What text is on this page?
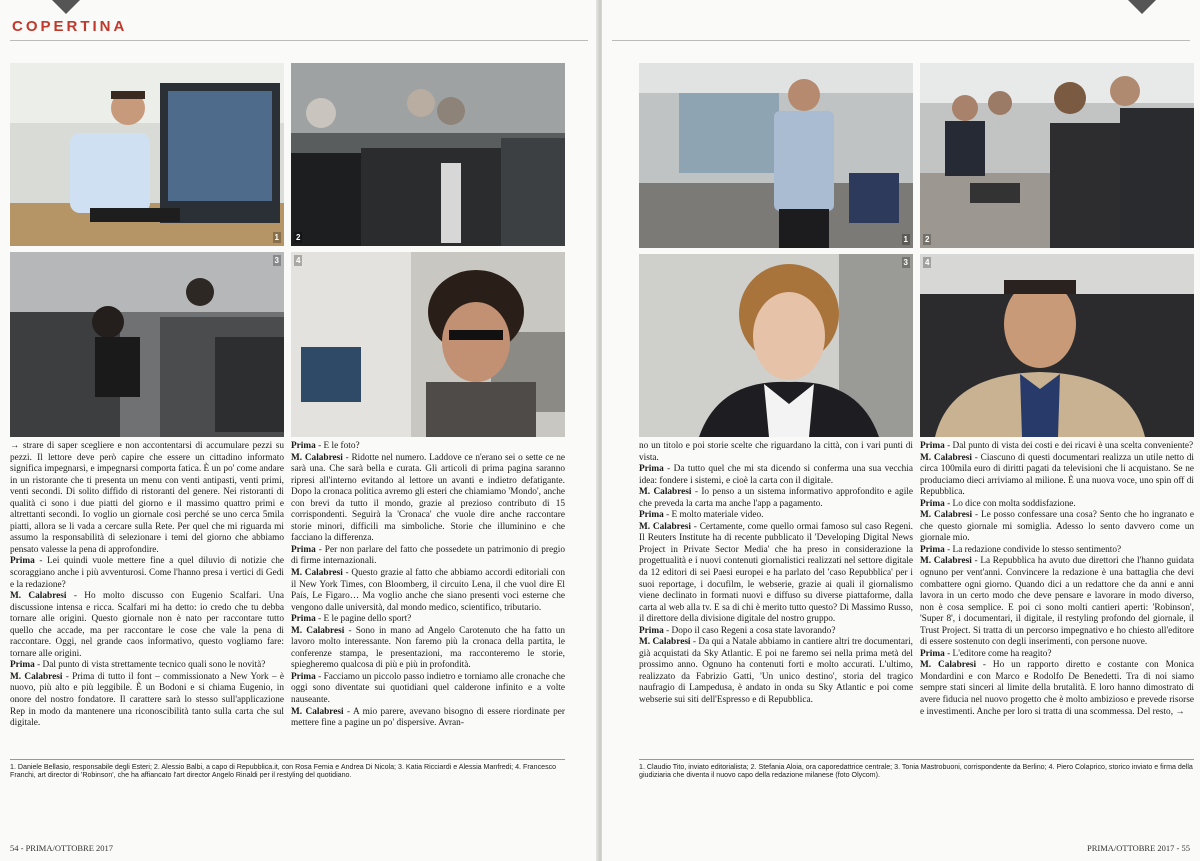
COPERTINA
1 2
3 4

→ strare di saper scegliere e non accontentarsi di accumulare pezzi su pezzi. Il lettore deve però capire che essere un cittadino informato significa impegnarsi, e impegnarsi comporta fatica. È un po' come andare in un ristorante che ti presenta un menu con venti antipasti, venti primi, venti secondi. Di solito diffido di ristoranti del genere. Nei ristoranti di qualità ci sono i due piatti del giorno e il massimo quattro primi e altrettanti secondi. Io voglio un giornale così perché se uno cerca 5mila piatti, allora se li vada a cercare sulla Rete. Per quel che mi riguarda mi assumo la responsabilità di selezionare i temi del giorno che abbiamo pensato valesse la pena di approfondire.

Prima - Lei quindi vuole mettere fine a quel diluvio di notizie che scoraggiano anche i più avventurosi. Come l'hanno presa i vertici di Gedi e la redazione?

M. Calabresi - Ho molto discusso con Eugenio Scalfari. Una discussione intensa e ricca. Scalfari mi ha detto: io credo che tu debba tornare alle origini. Questo giornale non è nato per raccontare tutto quello che accade, ma per raccontare le cose che vale la pena di raccontare. Oggi, nel grande caos informativo, questo vogliamo fare: tornare alle origini.

Prima - Dal punto di vista strettamente tecnico quali sono le novità?

M. Calabresi - Prima di tutto il font – commissionato a New York – è nuovo, più alto e più leggibile. È un Bodoni e si chiama Eugenio, in onore del nostro fondatore. Il carattere sarà lo stesso sull'applicazione Rep in modo da mantenere una riconoscibilità tanto sulla carta che sul digitale.

Prima - E le foto?

M. Calabresi - Ridotte nel numero. Laddove ce n'erano sei o sette ce ne sarà una. Che sarà bella e curata. Gli articoli di prima pagina saranno ripresi all'interno evitando al lettore un avanti e indietro defatigante. Dopo la cronaca politica avremo gli esteri che chiamiamo 'Mondo', anche con brevi da tutto il mondo, grazie al prezioso contributo di 15 corrispondenti. Seguirà la 'Cronaca' che vuole dire anche raccontare storie minori, difficili ma simboliche. Storie che illuminino e che facciano la differenza.

Prima - Per non parlare del fatto che possedete un patrimonio di pregio di firme internazionali.

M. Calabresi - Questo grazie al fatto che abbiamo accordi editoriali con il New York Times, con Bloomberg, il circuito Lena, il che vuol dire El País, Le Figaro… Ma voglio anche che siano presenti voci esterne che vengono dalle università, dal mondo medico, scientifico, tributario.

Prima - E le pagine dello sport?

M. Calabresi - Sono in mano ad Angelo Carotenuto che ha fatto un lavoro molto interessante. Non faremo più la cronaca della partita, le conferenze stampa, le presentazioni, ma racconteremo le storie, spiegheremo qualcosa di più e più in profondità.

Prima - Facciamo un piccolo passo indietro e torniamo alle cronache che oggi sono diventate sui quotidiani quel calderone infinito e a volte nauseante.

M. Calabresi - A mio parere, avevano bisogno di essere riordinate per mettere fine a pagine un po' dispersive. Avran-

1. Daniele Bellasio, responsabile degli Esteri; 2. Alessio Balbi, a capo di Repubblica.it, con Rosa Femia e Andrea Di Nicola; 3. Katia Ricciardi e Alessia Manfredi; 4. Francesco Franchi, art director di 'Robinson', che ha affiancato l'art director Angelo Rinaldi per il restyling del quotidiano.
54 - PRIMA/OTTOBRE 2017
1 2
3 4

no un titolo e poi storie scelte che riguardano la città, con i vari punti di vista.

Prima - Da tutto quel che mi sta dicendo si conferma una sua vecchia idea: fondere i sistemi, e cioè la carta con il digitale.

M. Calabresi - Io penso a un sistema informativo approfondito e agile che preveda la carta ma anche l'app a pagamento.

Prima - E molto materiale video.

M. Calabresi - Certamente, come quello ormai famoso sul caso Regeni. Il Reuters Institute ha di recente pubblicato il 'Developing Digital News Project in Private Sector Media' che ha preso in considerazione la progettualità e i nuovi contenuti giornalistici realizzati nel settore digitale da 12 editori di sei Paesi europei e ha parlato del 'caso Repubblica' per i suoi reportage, i docufilm, le webserie, grazie ai quali il giornalismo viene declinato in formati nuovi e diffuso su diverse piattaforme, dalla carta al web alla tv. E sa di chi è merito tutto questo? Di Massimo Russo, il direttore della divisione digitale del nostro gruppo.

Prima - Dopo il caso Regeni a cosa state lavorando?

M. Calabresi - Da qui a Natale abbiamo in cantiere altri tre documentari, già acquistati da Sky Atlantic. E poi ne faremo sei nella prima metà del prossimo anno. Ognuno ha contenuti forti e molto accurati. L'ultimo, realizzato da Fabrizio Gatti, 'Un unico destino', storia del tragico naufragio di Lampedusa, è andato in onda su Sky Atlantic e poi come webserie sui siti dell'Espresso e di Repubblica.

Prima - Dal punto di vista dei costi e dei ricavi è una scelta conveniente?

M. Calabresi - Ciascuno di questi documentari realizza un utile netto di circa 100mila euro di diritti pagati da televisioni che li acquistano. Se ne produciamo dieci arriviamo al milione. È una nuova voce, uno spin off di Repubblica.

Prima - Lo dice con molta soddisfazione.

M. Calabresi - Le posso confessare una cosa? Sento che ho ingranato e che questo giornale mi somiglia. Adesso lo sento davvero come un giornale mio.

Prima - La redazione condivide lo stesso sentimento?

M. Calabresi - La Repubblica ha avuto due direttori che l'hanno guidata ognuno per vent'anni. Convincere la redazione è una battaglia che devi combattere ogni giorno. Quando dici a un redattore che da anni e anni lavora in un certo modo che deve pensare e lavorare in modo diverso, non è cosa semplice. E poi ci sono molti cantieri aperti: 'Robinson', 'Super 8', i documentari, il digitale, il restyling profondo del giornale, il Trust Project. Si tratta di un percorso impegnativo e ho chiesto all'editore di essere sostenuto con degli inserimenti, con persone nuove.

Prima - L'editore come ha reagito?

M. Calabresi - Ho un rapporto diretto e costante con Monica Mondardini e con Marco e Rodolfo De Benedetti. Tra di noi siamo sempre stati sinceri al limite della brutalità. E loro hanno dimostrato di avere fiducia nel nuovo progetto che è molto ambizioso e prevede risorse e investimenti. Anche per loro si tratta di una scommessa. Del resto, →

1. Claudio Tito, inviato editorialista; 2. Stefania Aloia, ora caporedattrice centrale; 3. Tonia Mastrobuoni, corrispondente da Berlino; 4. Piero Colaprico, storico inviato e firma della giudiziaria che diventa il nuovo capo della redazione milanese (foto Olycom).
PRIMA/OTTOBRE 2017 - 55
